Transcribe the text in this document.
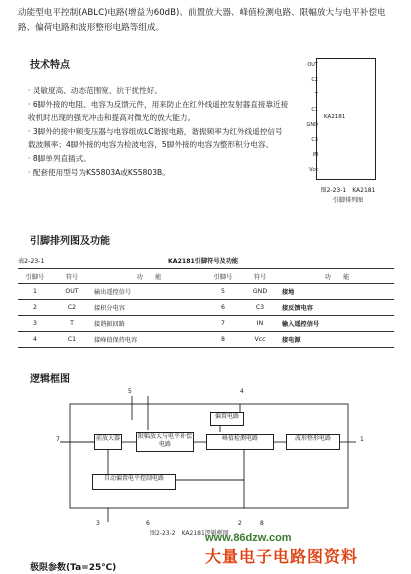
动能型电平控制(ABLC)电路(增益为60dB)、前置放大器、峰值检测电路、限幅放大与电平补偿电路、偏荷电路和波形整形电路等组成。
技术特点

· 灵敏度高、动态范围宽、抗干扰性好。

· 6脚外接的电阻、电容为反馈元件，用来防止在红外线遥控发射器直接靠近接收机时出现的强光冲击和提高对微光的放大能力。

· 3脚外的接中频变压器与电容组成LC谐振电路，谐振频率为红外线遥控信号载波频率；4脚外接的电容为检波电容，5脚外接的电容为整形积分电容。

· 8脚单列直插式。

· 配套使用型号为KS5803A或KS5803B。

OUT
C2
T
C1
GND
C3
IN
Vcc
KA2181
图2-23-1　KA2181
引脚排列图
引脚排列图及功能
表2-23-1	KA2181引脚符号及功能
引脚号	符号	功　　能	引脚号	符号	功　　能
1	OUT	输出遥控信号	5	GND	接地
2	C2	接积分电容	6	C3	接反馈电容
3	T	接谐振回路	7	IN	输入遥控信号
4	C1	接峰值保持电容	8	Vcc	接电源
逻辑框图
前放大器	限幅放大与电平补偿电路
峰值检测电路	波形整形电路
偏置电路
自动偏置电平控制电路
7
6
5	4
3	2	8
1
图2-23-2　KA2181逻辑框图
极限参数(Ta=25℃)
www.86dzw.com
大量电子电路图资料
